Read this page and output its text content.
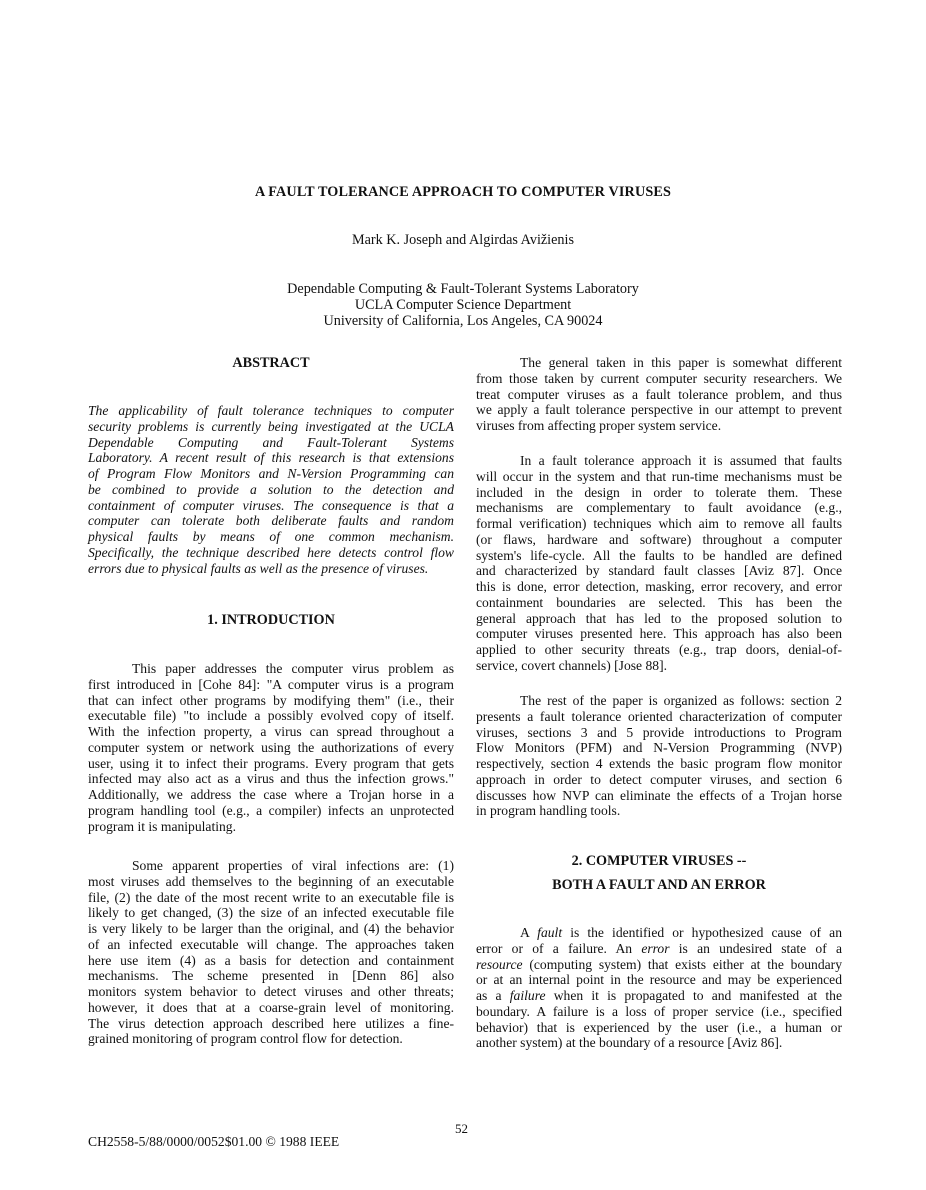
A FAULT TOLERANCE APPROACH TO COMPUTER VIRUSES
Mark K. Joseph and Algirdas Avižienis
Dependable Computing & Fault-Tolerant Systems Laboratory
UCLA Computer Science Department
University of California, Los Angeles, CA 90024
ABSTRACT
The applicability of fault tolerance techniques to computer
security problems is currently being investigated at the UCLA
Dependable Computing and Fault-Tolerant Systems
Laboratory. A recent result of this research is that extensions
of Program Flow Monitors and N-Version Programming can
be combined to provide a solution to the detection and
containment of computer viruses. The consequence is that a
computer can tolerate both deliberate faults and random
physical faults by means of one common mechanism.
Specifically, the technique described here detects control flow
errors due to physical faults as well as the presence of viruses.
1. INTRODUCTION
This paper addresses the computer virus problem as
first introduced in [Cohe 84]: "A computer virus is a program
that can infect other programs by modifying them" (i.e., their
executable file) "to include a possibly evolved copy of itself.
With the infection property, a virus can spread throughout a
computer system or network using the authorizations of every
user, using it to infect their programs. Every program that gets
infected may also act as a virus and thus the infection grows."
Additionally, we address the case where a Trojan horse in a
program handling tool (e.g., a compiler) infects an unprotected
program it is manipulating.
Some apparent properties of viral infections are: (1)
most viruses add themselves to the beginning of an executable
file, (2) the date of the most recent write to an executable file is
likely to get changed, (3) the size of an infected executable file
is very likely to be larger than the original, and (4) the behavior
of an infected executable will change. The approaches taken
here use item (4) as a basis for detection and containment
mechanisms. The scheme presented in [Denn 86] also
monitors system behavior to detect viruses and other threats;
however, it does that at a coarse-grain level of monitoring.
The virus detection approach described here utilizes a fine-
grained monitoring of program control flow for detection.
The general taken in this paper is somewhat different
from those taken by current computer security researchers. We
treat computer viruses as a fault tolerance problem, and thus
we apply a fault tolerance perspective in our attempt to prevent
viruses from affecting proper system service.
In a fault tolerance approach it is assumed that faults
will occur in the system and that run-time mechanisms must be
included in the design in order to tolerate them. These
mechanisms are complementary to fault avoidance (e.g.,
formal verification) techniques which aim to remove all faults
(or flaws, hardware and software) throughout a computer
system's life-cycle. All the faults to be handled are defined
and characterized by standard fault classes [Aviz 87]. Once
this is done, error detection, masking, error recovery, and error
containment boundaries are selected. This has been the
general approach that has led to the proposed solution to
computer viruses presented here. This approach has also been
applied to other security threats (e.g., trap doors, denial-of-
service, covert channels) [Jose 88].
The rest of the paper is organized as follows: section 2
presents a fault tolerance oriented characterization of computer
viruses, sections 3 and 5 provide introductions to Program
Flow Monitors (PFM) and N-Version Programming (NVP)
respectively, section 4 extends the basic program flow monitor
approach in order to detect computer viruses, and section 6
discusses how NVP can eliminate the effects of a Trojan horse
in program handling tools.
2. COMPUTER VIRUSES --
BOTH A FAULT AND AN ERROR
A fault is the identified or hypothesized cause of an
error or of a failure. An error is an undesired state of a
resource (computing system) that exists either at the boundary
or at an internal point in the resource and may be experienced
as a failure when it is propagated to and manifested at the
boundary. A failure is a loss of proper service (i.e., specified
behavior) that is experienced by the user (i.e., a human or
another system) at the boundary of a resource [Aviz 86].
52
CH2558-5/88/0000/0052$01.00 © 1988 IEEE
